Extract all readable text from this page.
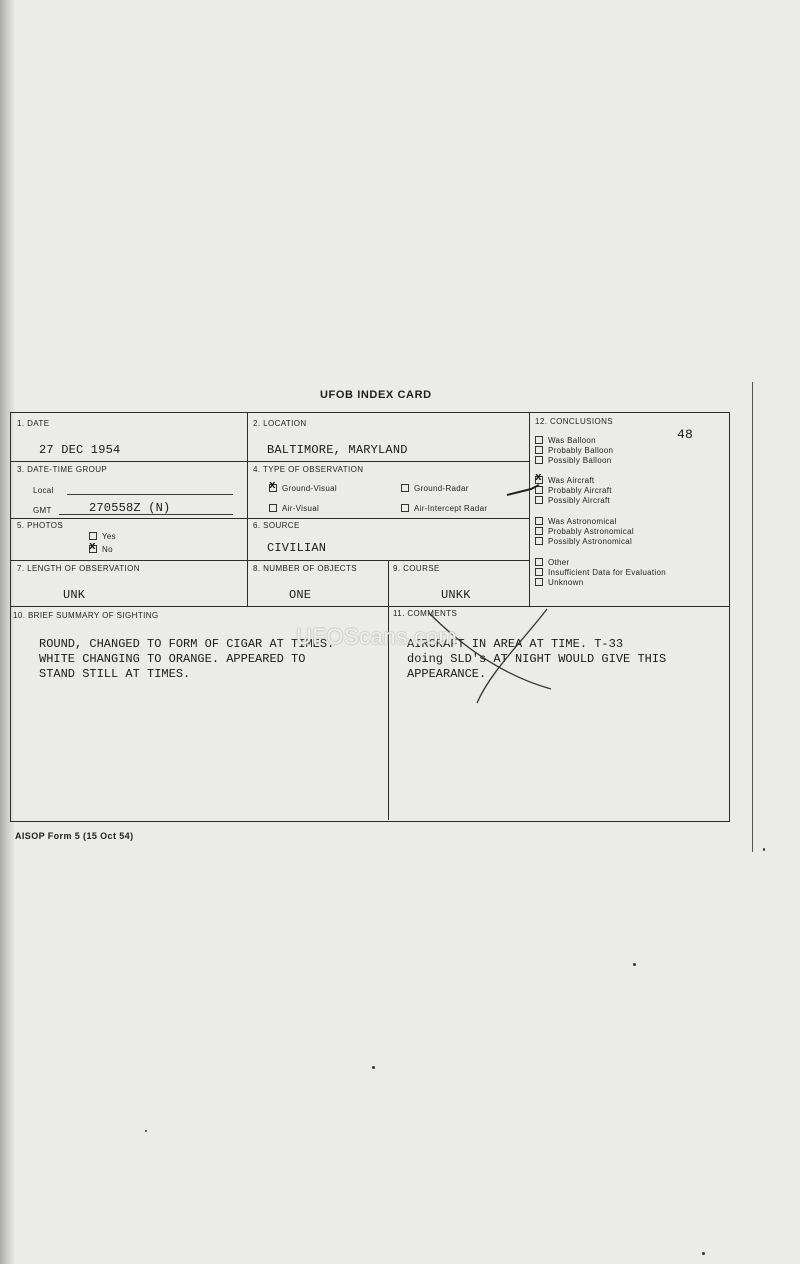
UFOB INDEX CARD
1. DATE
27 DEC 1954
2. LOCATION
BALTIMORE, MARYLAND
3. DATE-TIME GROUP
Local
GMT	270558Z (N)
4. TYPE OF OBSERVATION
xGround-Visual	Ground-Radar
Air-Visual	Air-Intercept Radar
5. PHOTOS
Yes
xNo
6. SOURCE
CIVILIAN
7. LENGTH OF OBSERVATION
UNK
8. NUMBER OF OBJECTS
ONE
9. COURSE
UNKK
10. BRIEF SUMMARY OF SIGHTING
ROUND, CHANGED TO FORM OF CIGAR AT TIMES.
WHITE CHANGING TO ORANGE. APPEARED TO
STAND STILL AT TIMES.
11. COMMENTS
AIRCRAFT IN AREA AT TIME. T-33
doing SLD's AT NIGHT WOULD GIVE THIS
APPEARANCE.
12. CONCLUSIONS
48
Was Balloon
Probably Balloon
Possibly Balloon
xWas Aircraft
Probably Aircraft
Possibly Aircraft
Was Astronomical
Probably Astronomical
Possibly Astronomical
Other
Insufficient Data for Evaluation
Unknown
UFOScans.com
AISOP Form 5 (15 Oct 54)
